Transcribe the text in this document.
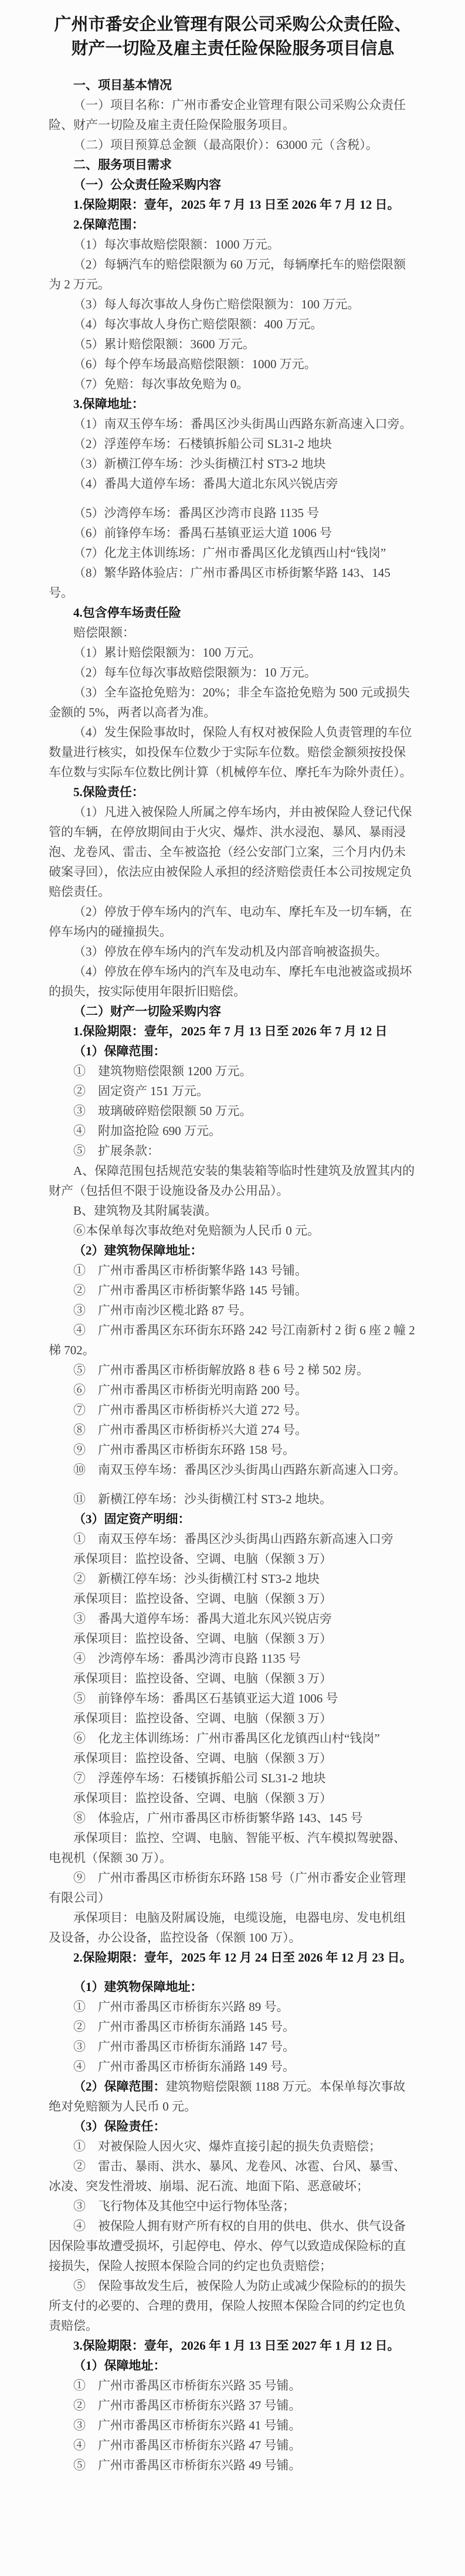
广州市番安企业管理有限公司采购公众责任险、
财产一切险及雇主责任险保险服务项目信息

一、项目基本情况

（一）项目名称：广州市番安企业管理有限公司采购公众责任险、财产一切险及雇主责任险保险服务项目。

（二）项目预算总金额（最高限价）：63000 元（含税）。

二、服务项目需求

（一）公众责任险采购内容

1.保险期限：壹年，2025 年 7 月 13 日至 2026 年 7 月 12 日。

2.保障范围：

（1）每次事故赔偿限额：1000 万元。

（2）每辆汽车的赔偿限额为 60 万元，每辆摩托车的赔偿限额为 2 万元。

（3）每人每次事故人身伤亡赔偿限额为：100 万元。

（4）每次事故人身伤亡赔偿限额：400 万元。

（5）累计赔偿限额：3600 万元。

（6）每个停车场最高赔偿限额：1000 万元。

（7）免赔：每次事故免赔为 0。

3.保障地址：

（1）南双玉停车场：番禺区沙头街禺山西路东新高速入口旁。

（2）浮莲停车场：石楼镇拆船公司 SL31-2 地块

（3）新横江停车场：沙头街横江村 ST3-2 地块

（4）番禺大道停车场：番禺大道北东风兴锐店旁

（5）沙湾停车场：番禺区沙湾市良路 1135 号

（6）前锋停车场：番禺石基镇亚运大道 1006 号

（7）化龙主体训练场：广州市番禺区化龙镇西山村“钱岗”

（8）繁华路体验店：广州市番禺区市桥街繁华路 143、145 号。

4.包含停车场责任险

赔偿限额：

（1）累计赔偿限额为：100 万元。

（2）每车位每次事故赔偿限额为：10 万元。

（3）全车盗抢免赔为：20%；非全车盗抢免赔为 500 元或损失金额的 5%，两者以高者为准。

（4）发生保险事故时，保险人有权对被保险人负责管理的车位数量进行核实，如投保车位数少于实际车位数。赔偿金额须按投保车位数与实际车位数比例计算（机械停车位、摩托车为除外责任）。

5.保险责任：

（1）凡进入被保险人所属之停车场内，并由被保险人登记代保管的车辆，在停放期间由于火灾、爆炸、洪水浸泡、暴风、暴雨浸泡、龙卷风、雷击、全车被盗抢（经公安部门立案，三个月内仍未破案寻回），依法应由被保险人承担的经济赔偿责任本公司按规定负赔偿责任。

（2）停放于停车场内的汽车、电动车、摩托车及一切车辆，在停车场内的碰撞损失。

（3）停放在停车场内的汽车发动机及内部音响被盗损失。

（4）停放在停车场内的汽车及电动车、摩托车电池被盗或损坏的损失，按实际使用年限折旧赔偿。

（二）财产一切险采购内容

1.保险期限：壹年，2025 年 7 月 13 日至 2026 年 7 月 12 日

（1）保障范围：

①　建筑物赔偿限额 1200 万元。

②　固定资产 151 万元。

③　玻璃破碎赔偿限额 50 万元。

④　附加盗抢险 690 万元。

⑤　扩展条款：

A、保障范围包括规范安装的集装箱等临时性建筑及放置其内的财产（包括但不限于设施设备及办公用品）。

B、建筑物及其附属装潢。

⑥本保单每次事故绝对免赔额为人民币 0 元。

（2）建筑物保障地址：

①　广州市番禺区市桥街繁华路 143 号铺。

②　广州市番禺区市桥街繁华路 145 号铺。

③　广州市南沙区榄北路 87 号。

④　广州市番禺区东环街东环路 242 号江南新村 2 街 6 座 2 幢 2 梯 702。

⑤　广州市番禺区市桥街解放路 8 巷 6 号 2 梯 502 房。

⑥　广州市番禺区市桥街光明南路 200 号。

⑦　广州市番禺区市桥街桥兴大道 272 号。

⑧　广州市番禺区市桥街桥兴大道 274 号。

⑨　广州市番禺区市桥街东环路 158 号。

⑩　南双玉停车场：番禺区沙头街禺山西路东新高速入口旁。

⑪　新横江停车场：沙头街横江村 ST3-2 地块。

（3）固定资产明细：

①　南双玉停车场：番禺区沙头街禺山西路东新高速入口旁

承保项目：监控设备、空调、电脑（保额 3 万）

②　新横江停车场：沙头街横江村 ST3-2 地块

承保项目：监控设备、空调、电脑（保额 3 万）

③　番禺大道停车场：番禺大道北东风兴锐店旁

承保项目：监控设备、空调、电脑（保额 3 万）

④　沙湾停车场：番禺沙湾市良路 1135 号

承保项目：监控设备、空调、电脑（保额 3 万）

⑤　前锋停车场：番禺区石基镇亚运大道 1006 号

承保项目：监控设备、空调、电脑（保额 3 万）

⑥　化龙主体训练场：广州市番禺区化龙镇西山村“钱岗”

承保项目：监控设备、空调、电脑（保额 3 万）

⑦　浮莲停车场：石楼镇拆船公司 SL31-2 地块

承保项目：监控设备、空调、电脑（保额 3 万）

⑧　体验店，广州市番禺区市桥街繁华路 143、145 号

承保项目：监控、空调、电脑、智能平板、汽车模拟驾驶器、电视机（保额 30 万）。

⑨　广州市番禺区市桥街东环路 158 号（广州市番安企业管理有限公司）

承保项目：电脑及附属设施，电缆设施，电器电房、发电机组及设备，办公设备，监控设备（保额 100 万）。

2.保险期限：壹年，2025 年 12 月 24 日至 2026 年 12 月 23 日。

（1）建筑物保障地址：

①　广州市番禺区市桥街东兴路 89 号。

②　广州市番禺区市桥街东涌路 145 号。

③　广州市番禺区市桥街东涌路 147 号。

④　广州市番禺区市桥街东涌路 149 号。

（2）保障范围：建筑物赔偿限额 1188 万元。本保单每次事故绝对免赔额为人民币 0 元。

（3）保险责任：

①　对被保险人因火灾、爆炸直接引起的损失负责赔偿；

②　雷击、暴雨、洪水、暴风、龙卷风、冰雹、台风、暴雪、冰凌、突发性滑坡、崩塌、泥石流、地面下陷、恶意破坏；

③　飞行物体及其他空中运行物体坠落；

④　被保险人拥有财产所有权的自用的供电、供水、供气设备因保险事故遭受损坏，引起停电、停水、停气以致造成保险标的直接损失，保险人按照本保险合同的约定也负责赔偿；

⑤　保险事故发生后，被保险人为防止或减少保险标的的损失所支付的必要的、合理的费用，保险人按照本保险合同的约定也负责赔偿。

3.保险期限：壹年，2026 年 1 月 13 日至 2027 年 1 月 12 日。

（1）保障地址：

①　广州市番禺区市桥街东兴路 35 号铺。

②　广州市番禺区市桥街东兴路 37 号铺。

③　广州市番禺区市桥街东兴路 41 号铺。

④　广州市番禺区市桥街东兴路 47 号铺。

⑤　广州市番禺区市桥街东兴路 49 号铺。
